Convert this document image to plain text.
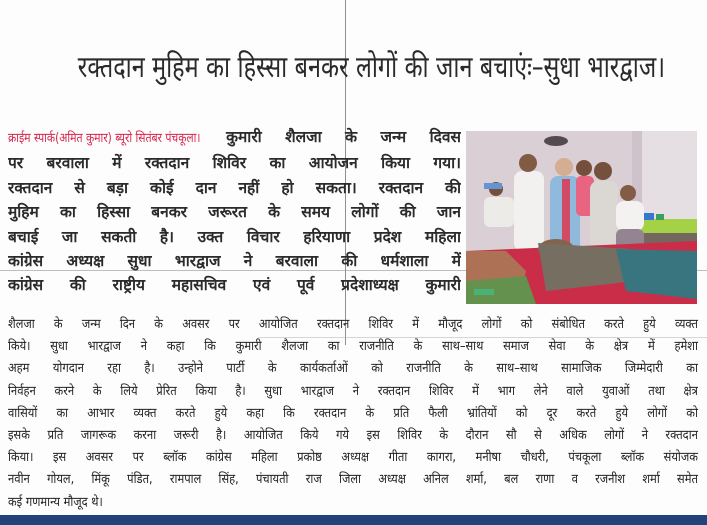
रक्तदान मुहिम का हिस्सा बनकर लोगों की जान बचाएंः–सुधा भारद्वाज।
क्राईम स्पार्क(अमित कुमार) ब्यूरो सितंबर पंचकूला। कुमारी शैलजा के जन्म दिवस
पर बरवाला में रक्तदान शिविर का आयोजन किया गया।
रक्तदान से बड़ा कोई दान नहीं हो सकता। रक्तदान की
मुहिम का हिस्सा बनकर जरूरत के समय लोगों की जान
बचाई जा सकती है। उक्त विचार हरियाणा प्रदेश महिला
कांग्रेस अध्यक्ष सुधा भारद्वाज ने बरवाला की धर्मशाला में
कांग्रेस की राष्ट्रीय महासचिव एवं पूर्व प्रदेशाध्यक्ष कुमारी
शैलजा के जन्म दिन के अवसर पर आयोजित रक्तदान शिविर में मौजूद लोगों को संबोधित करते हुये व्यक्त
किये। सुधा भारद्वाज ने कहा कि कुमारी शैलजा का राजनीति के साथ–साथ समाज सेवा के क्षेत्र में हमेशा
अहम योगदान रहा है। उन्होने पार्टी के कार्यकर्ताओं को राजनीति के साथ–साथ सामाजिक जिम्मेदारी का
निर्वहन करने के लिये प्रेरित किया है। सुधा भारद्वाज ने रक्तदान शिविर में भाग लेने वाले युवाओं तथा क्षेत्र
वासियों का आभार व्यक्त करते हुये कहा कि रक्तदान के प्रति फैली भ्रांतियों को दूर करते हुये लोगों को
इसके प्रति जागरूक करना जरूरी है। आयोजित किये गये इस शिविर के दौरान सौ से अधिक लोगों ने रक्तदान
किया। इस अवसर पर ब्लॉक कांग्रेस महिला प्रकोष्ठ अध्यक्ष गीता कागरा, मनीषा चौधरी, पंचकूला ब्लॉक संयोजक
नवीन गोयल, मिंकू पंडित, रामपाल सिंह, पंचायती राज जिला अध्यक्ष अनिल शर्मा, बल राणा व रजनीश शर्मा समेत
कई गणमान्य मौजूद थे।
